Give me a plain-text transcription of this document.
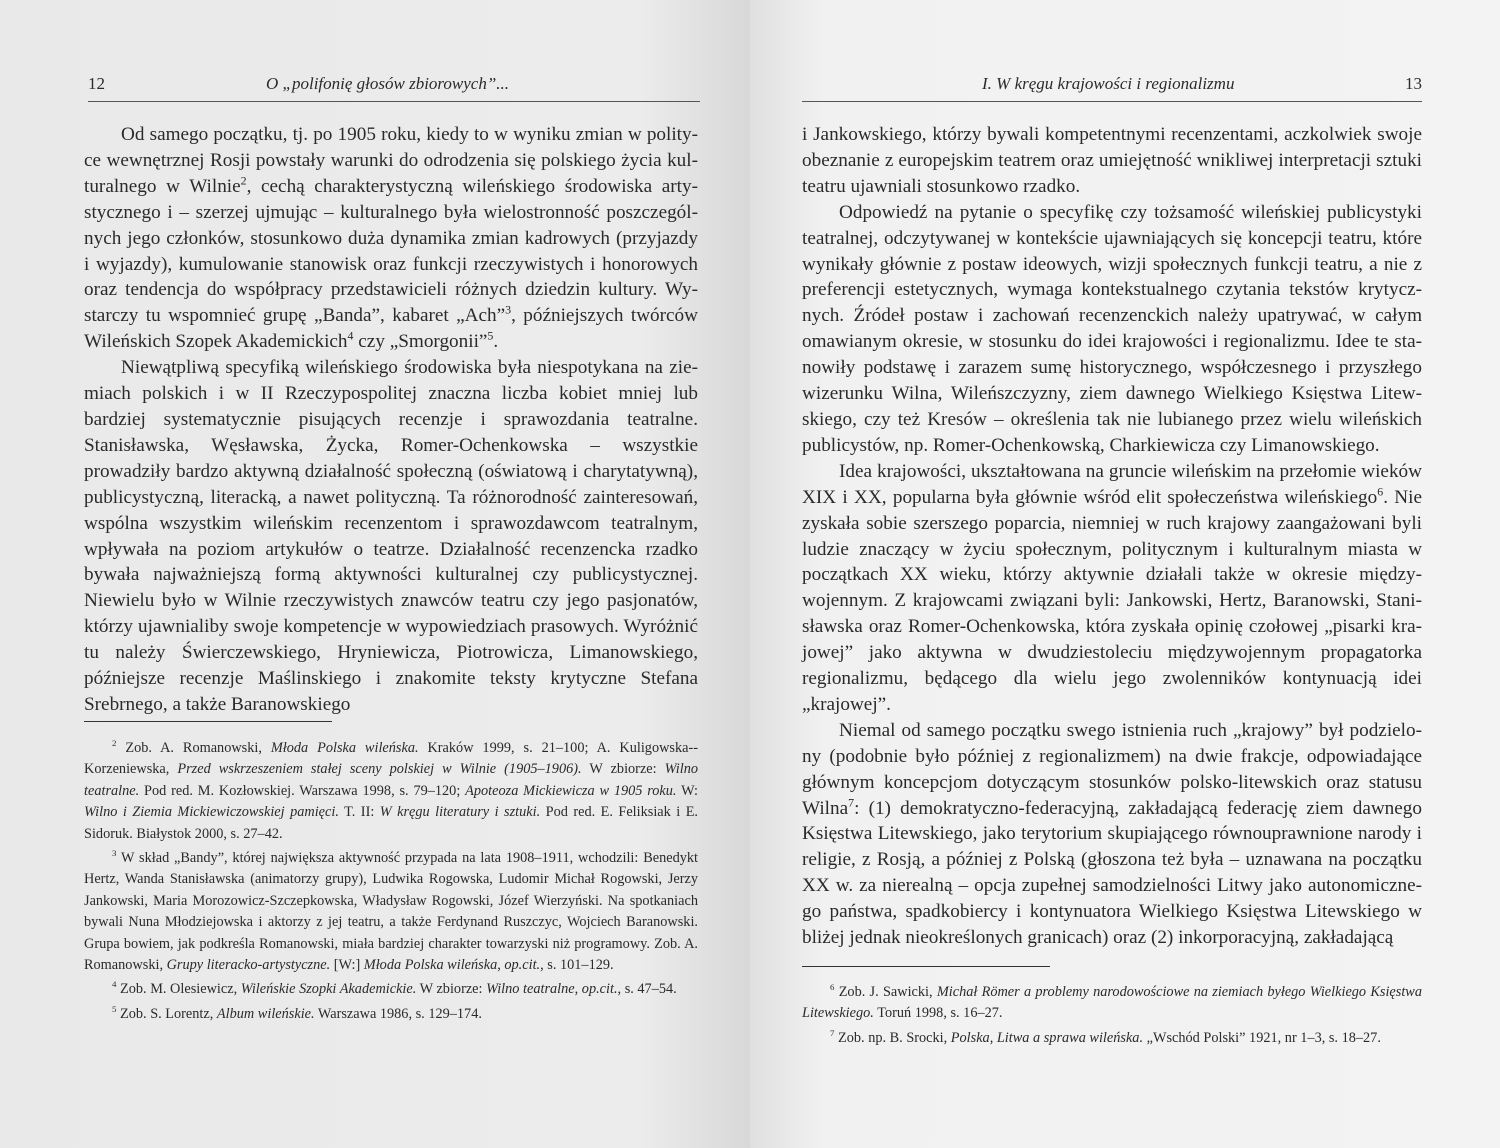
12	O „polifonię głosów zbiorowych”...

Od samego początku, tj. po 1905 roku, kiedy to w wyniku zmian w polityce wewnętrznej Rosji powstały warunki do odrodzenia się polskiego życia kulturalnego w Wilnie$^2$, cechą charakterystyczną wileńskiego środowiska artystycznego i – szerzej ujmując – kulturalnego była wielostronność poszczególnych jego członków, stosunkowo duża dynamika zmian kadrowych (przyjazdy i wyjazdy), kumulowanie stanowisk oraz funkcji rzeczywistych i honorowych oraz tendencja do współpracy przedstawicieli różnych dziedzin kultury. Wystarczy tu wspomnieć grupę „Banda”, kabaret „Ach”$^3$, późniejszych twórców Wileńskich Szopek Akademickich$^4$ czy „Smorgonii”$^5$.

Niewątpliwą specyfiką wileńskiego środowiska była niespotykana na ziemiach polskich i w II Rzeczypospolitej znaczna liczba kobiet mniej lub bardziej systematycznie pisujących recenzje i sprawozdania teatralne. Stanisławska, Węsławska, Życka, Romer-Ochenkowska – wszystkie prowadziły bardzo aktywną działalność społeczną (oświatową i charytatywną), publicystyczną, literacką, a nawet polityczną. Ta różnorodność zainteresowań, wspólna wszystkim wileńskim recenzentom i sprawozdawcom teatralnym, wpływała na poziom artykułów o teatrze. Działalność recenzencka rzadko bywała najważniejszą formą aktywności kulturalnej czy publicystycznej. Niewielu było w Wilnie rzeczywistych znawców teatru czy jego pasjonatów, którzy ujawnialiby swoje kompetencje w wypowiedziach prasowych. Wyróżnić tu należy Świerczewskiego, Hryniewicza, Piotrowicza, Limanowskiego, późniejsze recenzje Maślinskiego i znakomite teksty krytyczne Stefana Srebrnego, a także Baranowskiego

$^2$ Zob. A. Romanowski, Młoda Polska wileńska. Kraków 1999, s. 21–100; A. Kuligowska--Korzeniewska, Przed wskrzeszeniem stałej sceny polskiej w Wilnie (1905–1906). W zbiorze: Wilno teatralne. Pod red. M. Kozłowskiej. Warszawa 1998, s. 79–120; Apoteoza Mickiewicza w 1905 roku. W: Wilno i Ziemia Mickiewiczowskiej pamięci. T. II: W kręgu literatury i sztuki. Pod red. E. Feliksiak i E. Sidoruk. Białystok 2000, s. 27–42.

$^3$ W skład „Bandy”, której największa aktywność przypada na lata 1908–1911, wchodzili: Benedykt Hertz, Wanda Stanisławska (animatorzy grupy), Ludwika Rogowska, Ludomir Michał Rogowski, Jerzy Jankowski, Maria Morozowicz-Szczepkowska, Władysław Rogowski, Józef Wierzyński. Na spotkaniach bywali Nuna Młodziejowska i aktorzy z jej teatru, a także Ferdynand Ruszczyc, Wojciech Baranowski. Grupa bowiem, jak podkreśla Romanowski, miała bardziej charakter towarzyski niż programowy. Zob. A. Romanowski, Grupy literacko-artystyczne. [W:] Młoda Polska wileńska, op.cit., s. 101–129.

$^4$ Zob. M. Olesiewicz, Wileńskie Szopki Akademickie. W zbiorze: Wilno teatralne, op.cit., s. 47–54.

$^5$ Zob. S. Lorentz, Album wileńskie. Warszawa 1986, s. 129–174.

I. W kręgu krajowości i regionalizmu	13

i Jankowskiego, którzy bywali kompetentnymi recenzentami, aczkolwiek swoje obeznanie z europejskim teatrem oraz umiejętność wnikliwej interpretacji sztuki teatru ujawniali stosunkowo rzadko.

Odpowiedź na pytanie o specyfikę czy tożsamość wileńskiej publicystyki teatralnej, odczytywanej w kontekście ujawniających się koncepcji teatru, które wynikały głównie z postaw ideowych, wizji społecznych funkcji teatru, a nie z preferencji estetycznych, wymaga kontekstualnego czytania tekstów krytycznych. Źródeł postaw i zachowań recenzenckich należy upatrywać, w całym omawianym okresie, w stosunku do idei krajowości i regionalizmu. Idee te stanowiły podstawę i zarazem sumę historycznego, współczesnego i przyszłego wizerunku Wilna, Wileńszczyzny, ziem dawnego Wielkiego Księstwa Litewskiego, czy też Kresów – określenia tak nie lubianego przez wielu wileńskich publicystów, np. Romer-Ochenkowską, Charkiewicza czy Limanowskiego.

Idea krajowości, ukształtowana na gruncie wileńskim na przełomie wieków XIX i XX, popularna była głównie wśród elit społeczeństwa wileńskiego$^6$. Nie zyskała sobie szerszego poparcia, niemniej w ruch krajowy zaangażowani byli ludzie znaczący w życiu społecznym, politycznym i kulturalnym miasta w początkach XX wieku, którzy aktywnie działali także w okresie międzywojennym. Z krajowcami związani byli: Jankowski, Hertz, Baranowski, Stanisławska oraz Romer-Ochenkowska, która zyskała opinię czołowej „pisarki krajowej” jako aktywna w dwudziestoleciu międzywojennym propagatorka regionalizmu, będącego dla wielu jego zwolenników kontynuacją idei „krajowej”.

Niemal od samego początku swego istnienia ruch „krajowy” był podzielony (podobnie było później z regionalizmem) na dwie frakcje, odpowiadające głównym koncepcjom dotyczącym stosunków polsko-litewskich oraz statusu Wilna$^7$: (1) demokratyczno-federacyjną, zakładającą federację ziem dawnego Księstwa Litewskiego, jako terytorium skupiającego równouprawnione narody i religie, z Rosją, a później z Polską (głoszona też była – uznawana na początku XX w. za nierealną – opcja zupełnej samodzielności Litwy jako autonomicznego państwa, spadkobiercy i kontynuatora Wielkiego Księstwa Litewskiego w bliżej jednak nieokreślonych granicach) oraz (2) inkorporacyjną, zakładającą

$^6$ Zob. J. Sawicki, Michał Römer a problemy narodowościowe na ziemiach byłego Wielkiego Księstwa Litewskiego. Toruń 1998, s. 16–27.

$^7$ Zob. np. B. Srocki, Polska, Litwa a sprawa wileńska. „Wschód Polski” 1921, nr 1–3, s. 18–27.
